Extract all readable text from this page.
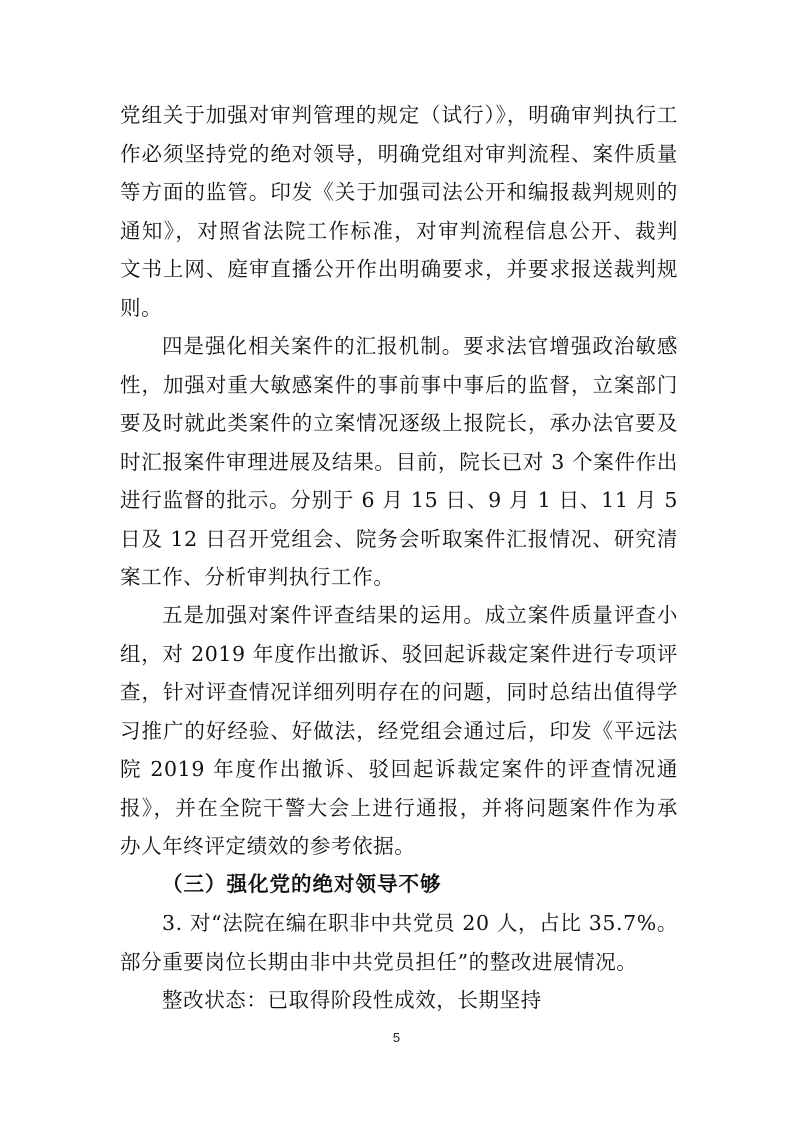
党组关于加强对审判管理的规定（试行）》，明确审判执行工作必须坚持党的绝对领导，明确党组对审判流程、案件质量等方面的监管。印发《关于加强司法公开和编报裁判规则的通知》，对照省法院工作标准，对审判流程信息公开、裁判文书上网、庭审直播公开作出明确要求，并要求报送裁判规则。

四是强化相关案件的汇报机制。要求法官增强政治敏感性，加强对重大敏感案件的事前事中事后的监督，立案部门要及时就此类案件的立案情况逐级上报院长，承办法官要及时汇报案件审理进展及结果。目前，院长已对 3 个案件作出进行监督的批示。分别于 6 月 15 日、9 月 1 日、11 月 5 日及 12 日召开党组会、院务会听取案件汇报情况、研究清案工作、分析审判执行工作。

五是加强对案件评查结果的运用。成立案件质量评查小组，对 2019 年度作出撤诉、驳回起诉裁定案件进行专项评查，针对评查情况详细列明存在的问题，同时总结出值得学习推广的好经验、好做法，经党组会通过后，印发《平远法院 2019 年度作出撤诉、驳回起诉裁定案件的评查情况通报》，并在全院干警大会上进行通报，并将问题案件作为承办人年终评定绩效的参考依据。

（三）强化党的绝对领导不够

3. 对“法院在编在职非中共党员 20 人，占比 35.7%。部分重要岗位长期由非中共党员担任”的整改进展情况。

整改状态：已取得阶段性成效，长期坚持

5
